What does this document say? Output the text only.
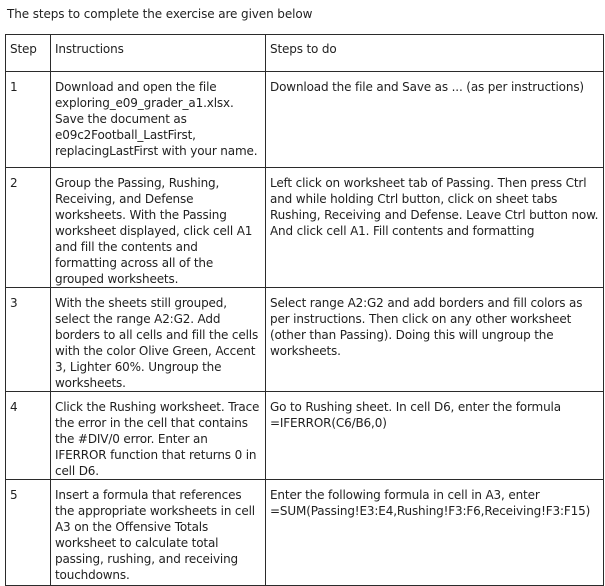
The steps to complete the exercise are given below
Step	Instructions	Steps to do
1	Download and open the file exploring_e09_grader_a1.xlsx. Save the document as e09c2Football_LastFirst, replacingLastFirst with your name.	Download the file and Save as ... (as per instructions)
2	Group the Passing, Rushing, Receiving, and Defense worksheets. With the Passing worksheet displayed, click cell A1 and fill the contents and formatting across all of the grouped worksheets.	Left click on worksheet tab of Passing. Then press Ctrl and while holding Ctrl button, click on sheet tabs Rushing, Receiving and Defense. Leave Ctrl button now. And click cell A1. Fill contents and formatting
3	With the sheets still grouped, select the range A2:G2. Add borders to all cells and fill the cells with the color Olive Green, Accent 3, Lighter 60%. Ungroup the worksheets.	Select range A2:G2 and add borders and fill colors as per instructions. Then click on any other worksheet (other than Passing). Doing this will ungroup the worksheets.
4	Click the Rushing worksheet. Trace the error in the cell that contains the #DIV/0 error. Enter an IFERROR function that returns 0 in cell D6.	Go to Rushing sheet. In cell D6, enter the formula =IFERROR(C6/B6,0)
5	Insert a formula that references the appropriate worksheets in cell A3 on the Offensive Totals worksheet to calculate total passing, rushing, and receiving touchdowns.	Enter the following formula in cell in A3, enter =SUM(Passing!E3:E4,Rushing!F3:F6,Receiving!F3:F15)
